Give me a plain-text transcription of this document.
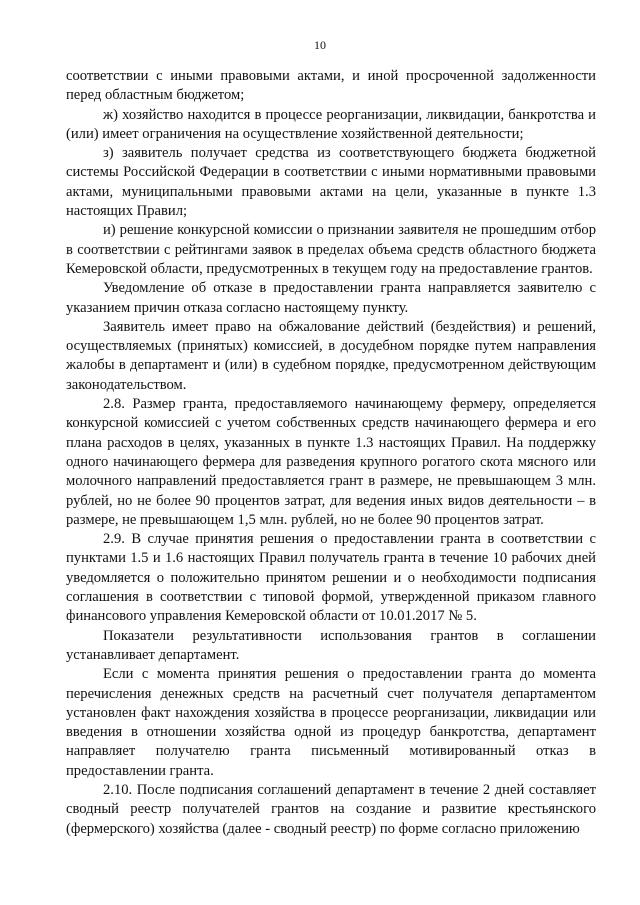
10

соответствии с иными правовыми актами, и иной просроченной задолженности перед областным бюджетом;

ж) хозяйство находится в процессе реорганизации, ликвидации, банкротства и (или) имеет ограничения на осуществление хозяйственной деятельности;

з) заявитель получает средства из соответствующего бюджета бюджетной системы Российской Федерации в соответствии с иными нормативными правовыми актами, муниципальными правовыми актами на цели, указанные в пункте 1.3 настоящих Правил;

и) решение конкурсной комиссии о признании заявителя не прошедшим отбор в соответствии с рейтингами заявок в пределах объема средств областного бюджета Кемеровской области, предусмотренных в текущем году на предоставление грантов.

Уведомление об отказе в предоставлении гранта направляется заявителю с указанием причин отказа согласно настоящему пункту.

Заявитель имеет право на обжалование действий (бездействия) и решений, осуществляемых (принятых) комиссией, в досудебном порядке путем направления жалобы в департамент и (или) в судебном порядке, предусмотренном действующим законодательством.

2.8. Размер гранта, предоставляемого начинающему фермеру, определяется конкурсной комиссией с учетом собственных средств начинающего фермера и его плана расходов в целях, указанных в пункте 1.3 настоящих Правил. На поддержку одного начинающего фермера для разведения крупного рогатого скота мясного или молочного направлений предоставляется грант в размере, не превышающем 3 млн. рублей, но не более 90 процентов затрат, для ведения иных видов деятельности – в размере, не превышающем 1,5 млн. рублей, но не более 90 процентов затрат.

2.9. В случае принятия решения о предоставлении гранта в соответствии с пунктами 1.5 и 1.6 настоящих Правил получатель гранта в течение 10 рабочих дней уведомляется о положительно принятом решении и о необходимости подписания соглашения в соответствии с типовой формой, утвержденной приказом главного финансового управления Кемеровской области от 10.01.2017 № 5.

Показатели результативности использования грантов в соглашении устанавливает департамент.

Если с момента принятия решения о предоставлении гранта до момента перечисления денежных средств на расчетный счет получателя департаментом установлен факт нахождения хозяйства в процессе реорганизации, ликвидации или введения в отношении хозяйства одной из процедур банкротства, департамент направляет получателю гранта письменный мотивированный отказ в предоставлении гранта.

2.10. После подписания соглашений департамент в течение 2 дней составляет сводный реестр получателей грантов на создание и развитие крестьянского (фермерского) хозяйства (далее - сводный реестр) по форме согласно приложению
